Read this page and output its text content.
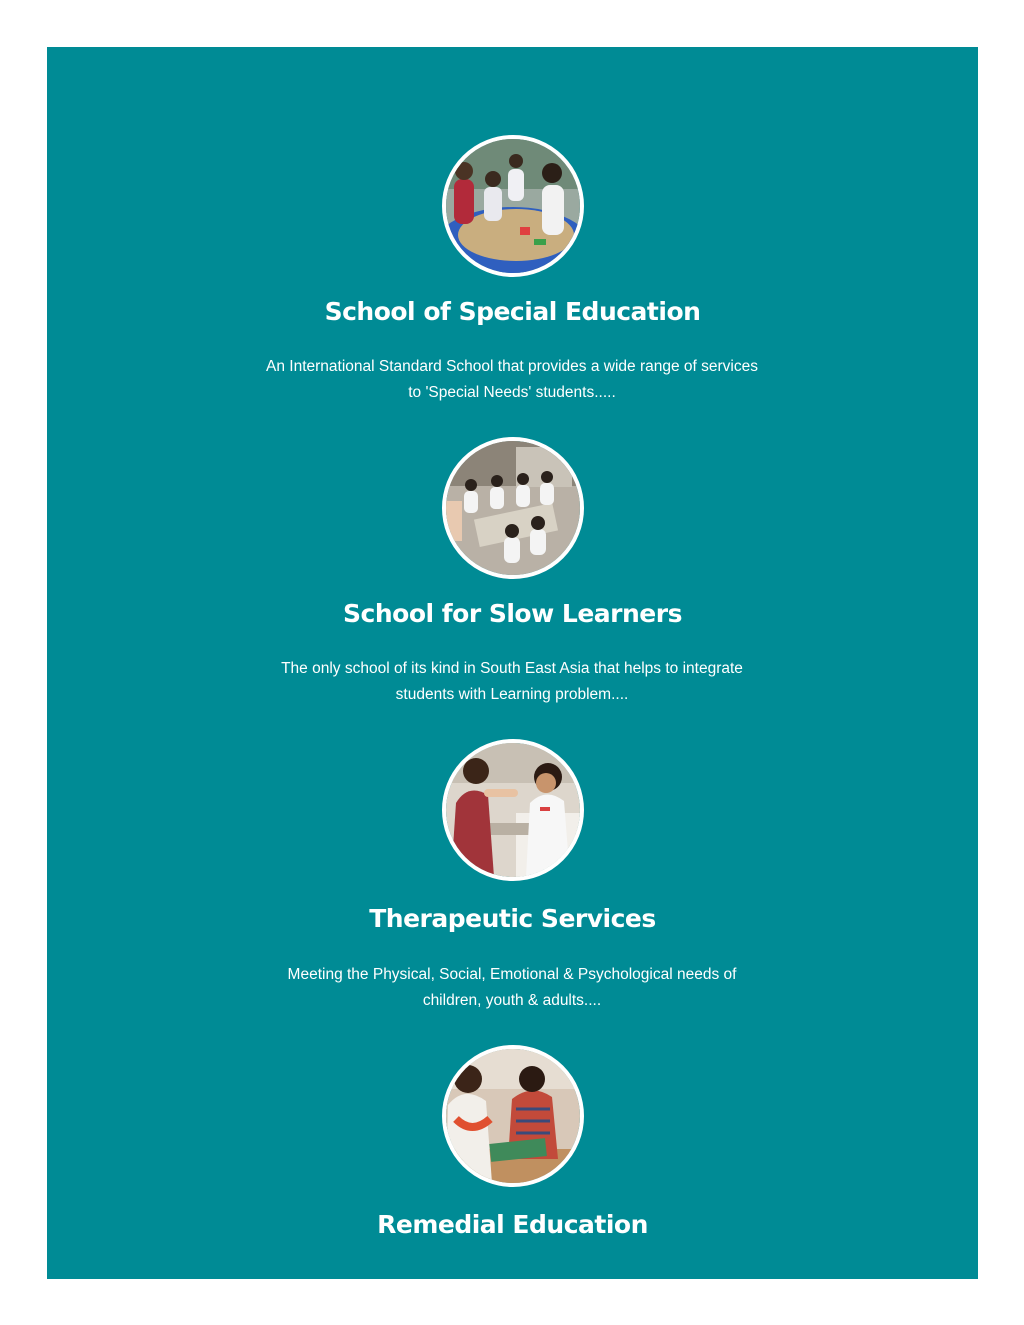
School of Special Education

An International Standard School that provides a wide range of services to 'Special Needs' students.....

School for Slow Learners

The only school of its kind in South East Asia that helps to integrate students with Learning problem....

Therapeutic Services

Meeting the Physical, Social, Emotional & Psychological needs of children, youth & adults....

Remedial Education
